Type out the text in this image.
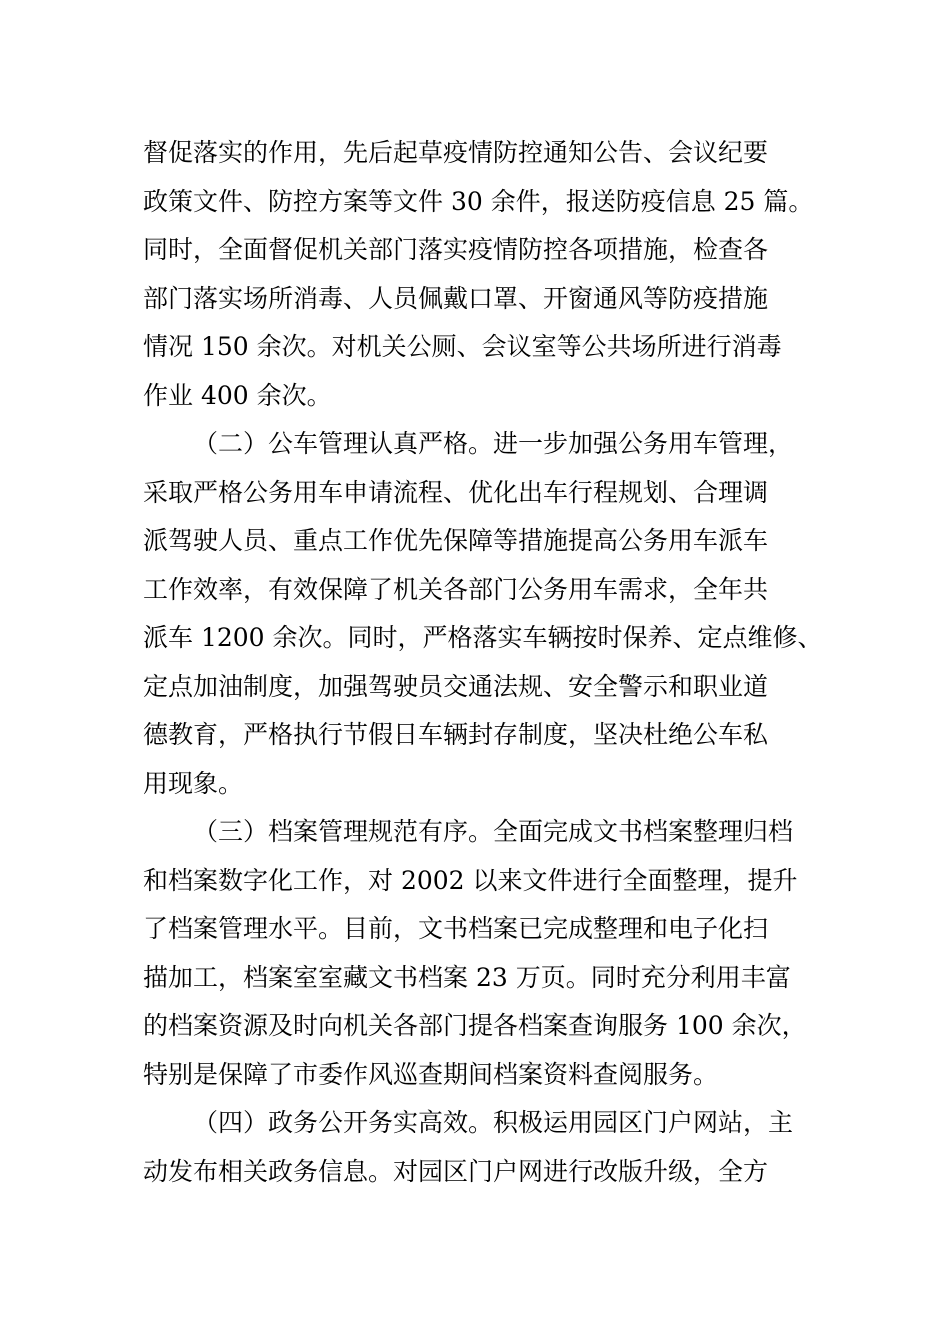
督促落实的作用，先后起草疫情防控通知公告、会议纪要
政策文件、防控方案等文件 30 余件，报送防疫信息 25 篇。
同时，全面督促机关部门落实疫情防控各项措施，检查各
部门落实场所消毒、人员佩戴口罩、开窗通风等防疫措施
情况 150 余次。对机关公厕、会议室等公共场所进行消毒
作业 400 余次。
（二）公车管理认真严格。进一步加强公务用车管理，
采取严格公务用车申请流程、优化出车行程规划、合理调
派驾驶人员、重点工作优先保障等措施提高公务用车派车
工作效率，有效保障了机关各部门公务用车需求，全年共
派车 1200 余次。同时，严格落实车辆按时保养、定点维修、
定点加油制度，加强驾驶员交通法规、安全警示和职业道
德教育，严格执行节假日车辆封存制度，坚决杜绝公车私
用现象。
（三）档案管理规范有序。全面完成文书档案整理归档
和档案数字化工作，对 2002 以来文件进行全面整理，提升
了档案管理水平。目前，文书档案已完成整理和电子化扫
描加工，档案室室藏文书档案 23 万页。同时充分利用丰富
的档案资源及时向机关各部门提各档案查询服务 100 余次，
特别是保障了市委作风巡查期间档案资料查阅服务。
（四）政务公开务实高效。积极运用园区门户网站，主
动发布相关政务信息。对园区门户网进行改版升级，全方
